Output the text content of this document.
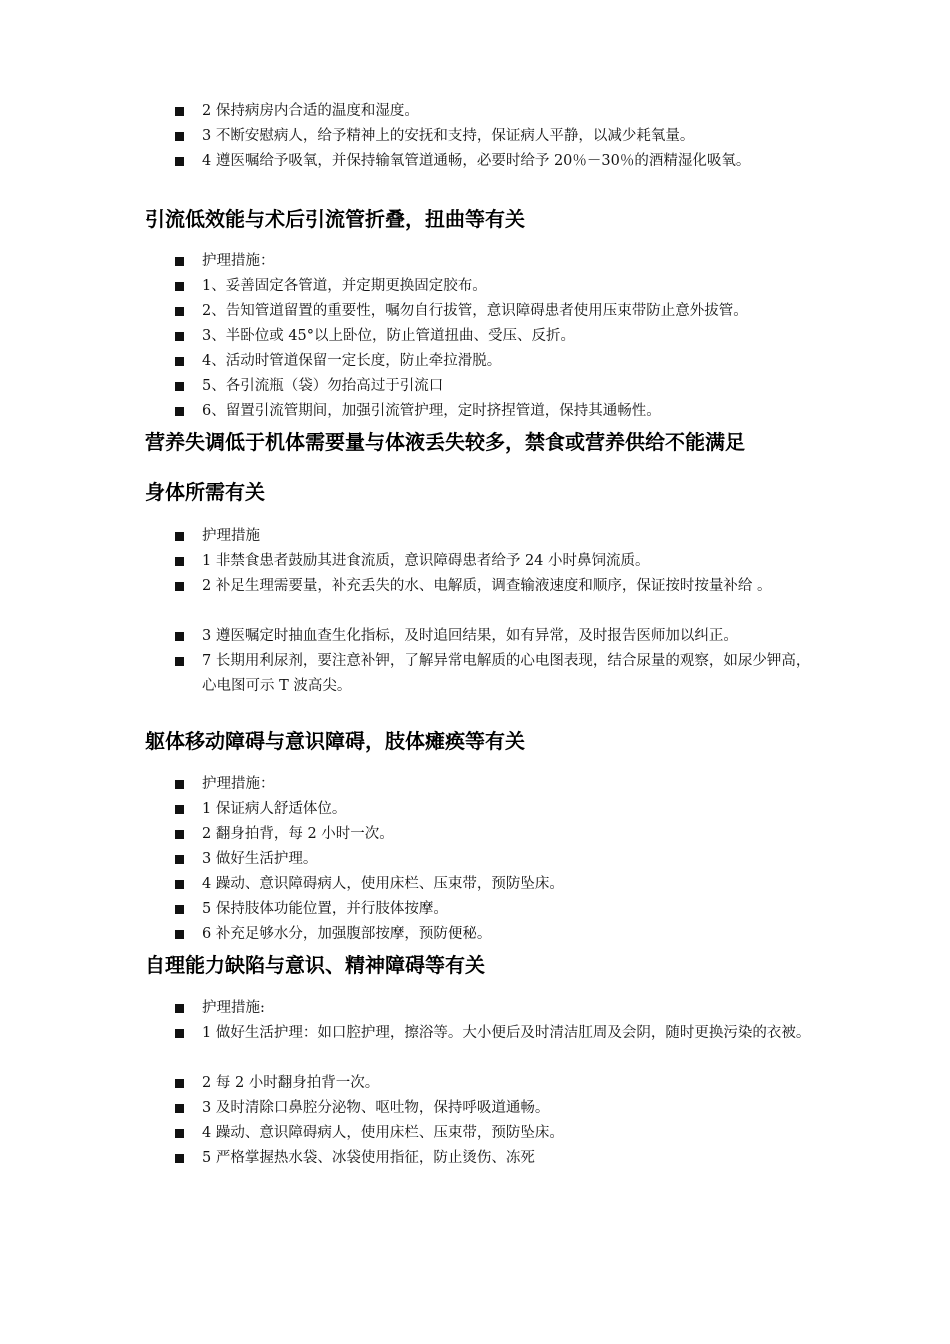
2 保持病房内合适的温度和湿度。
3 不断安慰病人，给予精神上的安抚和支持，保证病人平静，以减少耗氧量。
4 遵医嘱给予吸氧，并保持输氧管道通畅，必要时给予 20％－30％的酒精湿化吸氧。
引流低效能与术后引流管折叠，扭曲等有关
护理措施：
1、妥善固定各管道，并定期更换固定胶布。
2、告知管道留置的重要性，嘱勿自行拔管，意识障碍患者使用压束带防止意外拔管。
3、半卧位或 45°以上卧位，防止管道扭曲、受压、反折。
4、活动时管道保留一定长度，防止牵拉滑脱。
5、各引流瓶（袋）勿抬高过于引流口
6、留置引流管期间，加强引流管护理，定时挤捏管道，保持其通畅性。
营养失调低于机体需要量与体液丢失较多，禁食或营养供给不能满足
身体所需有关
护理措施
1 非禁食患者鼓励其进食流质，意识障碍患者给予 24 小时鼻饲流质。
2 补足生理需要量，补充丢失的水、电解质，调查输液速度和顺序，保证按时按量补给 。
3 遵医嘱定时抽血查生化指标，及时追回结果，如有异常，及时报告医师加以纠正。
7 长期用利尿剂，要注意补钾，了解异常电解质的心电图表现，结合尿量的观察，如尿少钾高，心电图可示 T 波高尖。
躯体移动障碍与意识障碍，肢体瘫痪等有关
护理措施：
1 保证病人舒适体位。
2 翻身拍背，每 2 小时一次。
3 做好生活护理。
4 躁动、意识障碍病人，使用床栏、压束带，预防坠床。
5 保持肢体功能位置，并行肢体按摩。
6 补充足够水分，加强腹部按摩，预防便秘。
自理能力缺陷与意识、精神障碍等有关
护理措施:
1 做好生活护理：如口腔护理，擦浴等。大小便后及时清洁肛周及会阴，随时更换污染的衣被。
2 每 2 小时翻身拍背一次。
3 及时清除口鼻腔分泌物、呕吐物，保持呼吸道通畅。
4 躁动、意识障碍病人，使用床栏、压束带，预防坠床。
5 严格掌握热水袋、冰袋使用指征，防止烫伤、冻死
